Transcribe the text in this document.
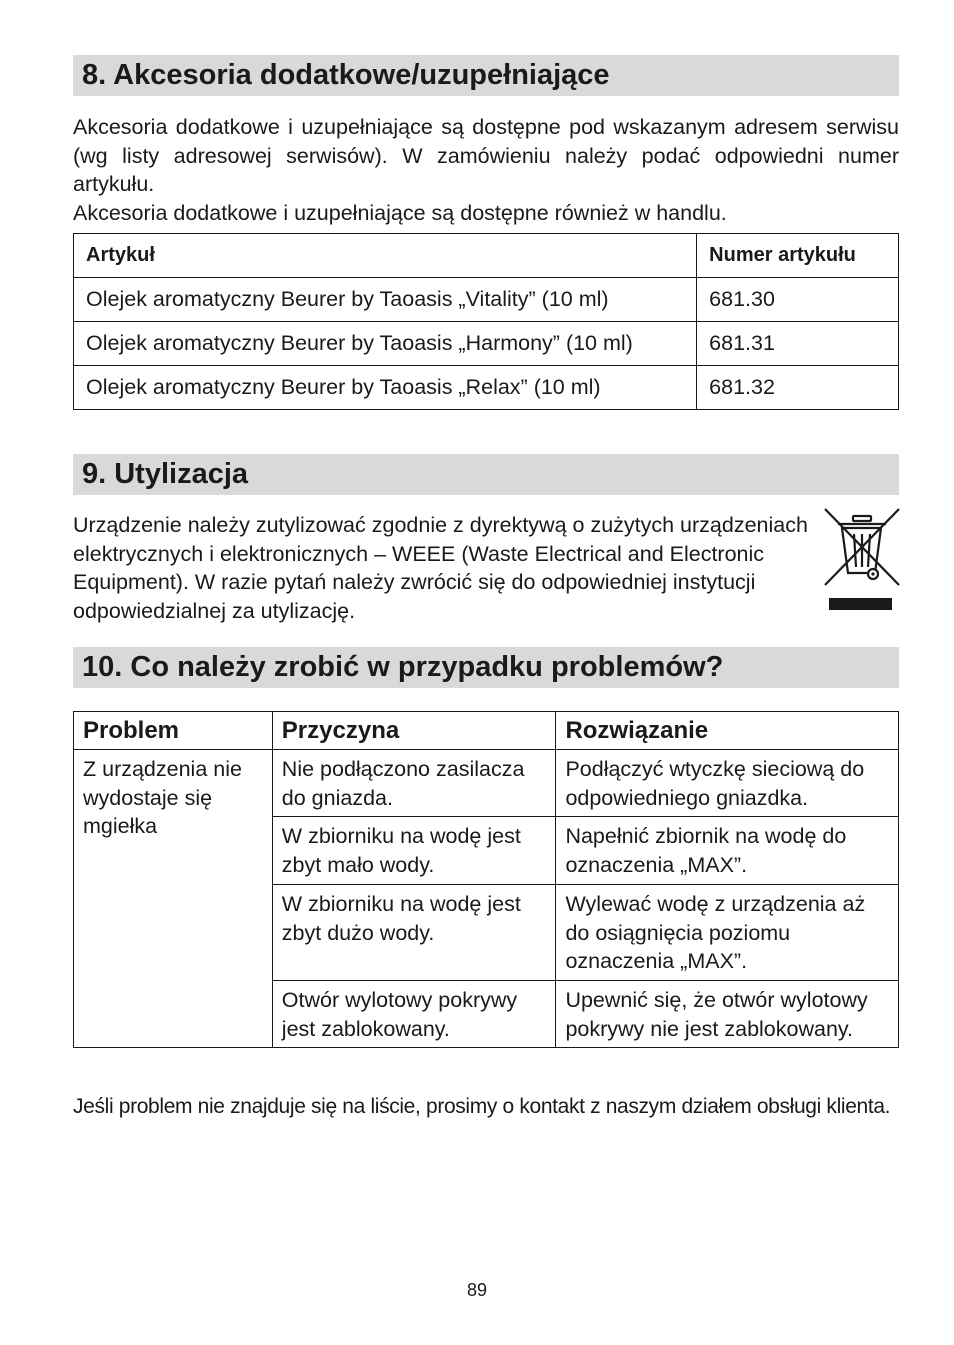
8. Akcesoria dodatkowe/uzupełniające
Akcesoria dodatkowe i uzupełniające są dostępne pod wskazanym adresem serwisu (wg listy adresowej serwisów). W zamówieniu należy podać odpowiedni numer artykułu.
Akcesoria dodatkowe i uzupełniające są dostępne również w handlu.
Artykuł	Numer artykułu
Olejek aromatyczny Beurer by Taoasis „Vitality” (10 ml)	681.30
Olejek aromatyczny Beurer by Taoasis „Harmony” (10 ml)	681.31
Olejek aromatyczny Beurer by Taoasis „Relax” (10 ml)	681.32
9. Utylizacja
Urządzenie należy zutylizować zgodnie z dyrektywą o zużytych urządzeniach elektrycznych i elektronicznych – WEEE (Waste Electrical and Electronic Equipment). W razie pytań należy zwrócić się do odpowiedniej instytucji odpowiedzialnej za utylizację.
10. Co należy zrobić w przypadku problemów?
Problem	Przyczyna	Rozwiązanie
Z urządzenia nie wydostaje się mgiełka	Nie podłączono zasilacza do gniazda.	Podłączyć wtyczkę sieciową do odpowiedniego gniazdka.
	W zbiorniku na wodę jest zbyt mało wody.	Napełnić zbiornik na wodę do oznaczenia „MAX”.
	W zbiorniku na wodę jest zbyt dużo wody.	Wylewać wodę z urządzenia aż do osiągnięcia poziomu oznaczenia „MAX”.
	Otwór wylotowy pokrywy jest zablokowany.	Upewnić się, że otwór wylotowy pokrywy nie jest zablokowany.
Jeśli problem nie znajduje się na liście, prosimy o kontakt z naszym działem obsługi klienta.
89
